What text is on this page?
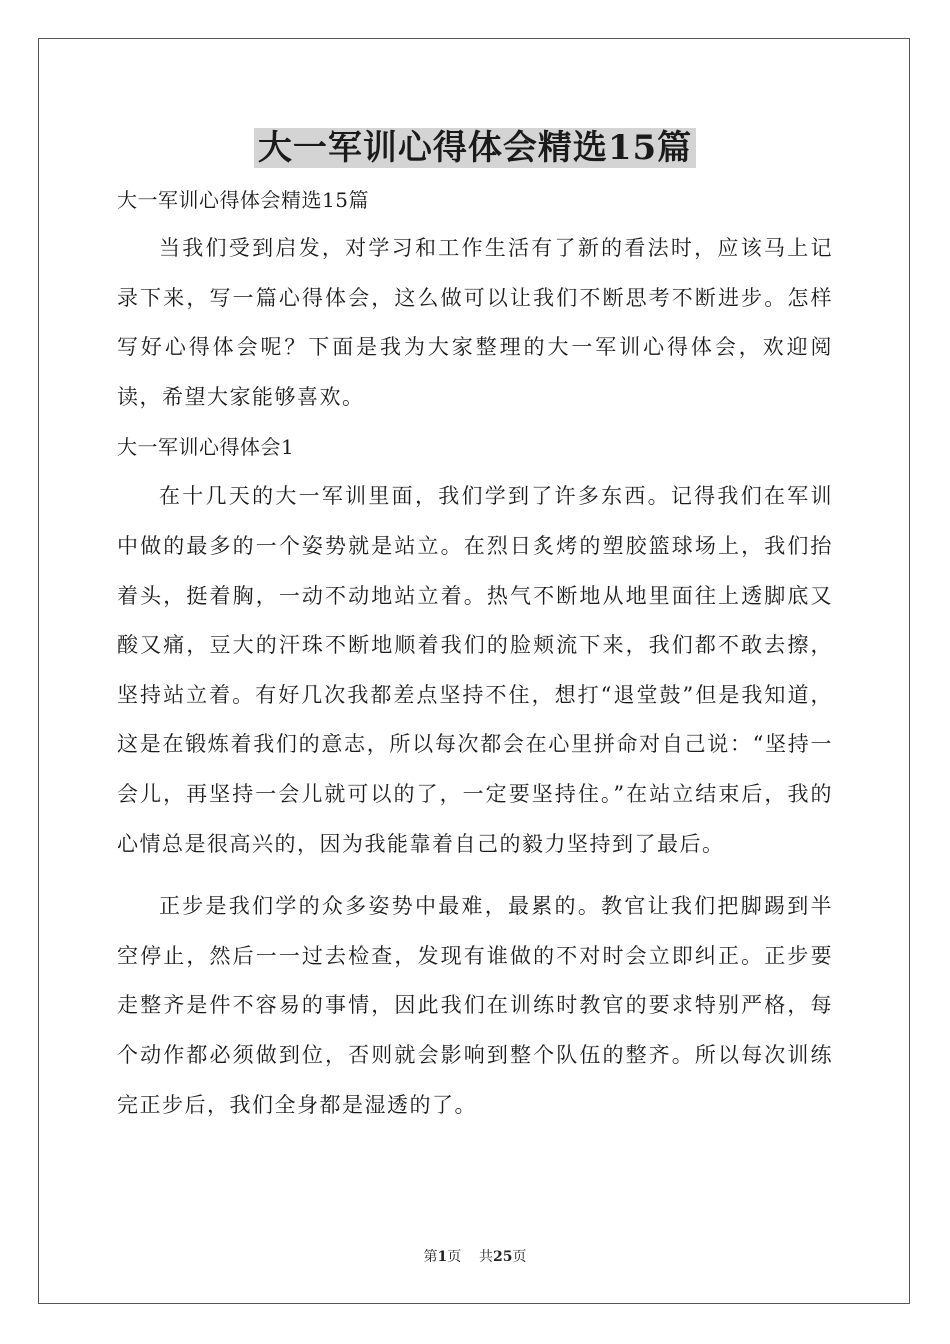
大一军训心得体会精选15篇

大一军训心得体会精选15篇

当我们受到启发，对学习和工作生活有了新的看法时，应该马上记录下来，写一篇心得体会，这么做可以让我们不断思考不断进步。怎样写好心得体会呢？下面是我为大家整理的大一军训心得体会，欢迎阅读，希望大家能够喜欢。

大一军训心得体会1

在十几天的大一军训里面，我们学到了许多东西。记得我们在军训中做的最多的一个姿势就是站立。在烈日炙烤的塑胶篮球场上，我们抬着头，挺着胸，一动不动地站立着。热气不断地从地里面往上透脚底又酸又痛，豆大的汗珠不断地顺着我们的脸颊流下来，我们都不敢去擦，坚持站立着。有好几次我都差点坚持不住，想打“退堂鼓”但是我知道，这是在锻炼着我们的意志，所以每次都会在心里拼命对自己说：“坚持一会儿，再坚持一会儿就可以的了，一定要坚持住。”在站立结束后，我的心情总是很高兴的，因为我能靠着自己的毅力坚持到了最后。

正步是我们学的众多姿势中最难，最累的。教官让我们把脚踢到半空停止，然后一一过去检查，发现有谁做的不对时会立即纠正。正步要走整齐是件不容易的事情，因此我们在训练时教官的要求特别严格，每个动作都必须做到位，否则就会影响到整个队伍的整齐。所以每次训练完正步后，我们全身都是湿透的了。

第1页 共25页
